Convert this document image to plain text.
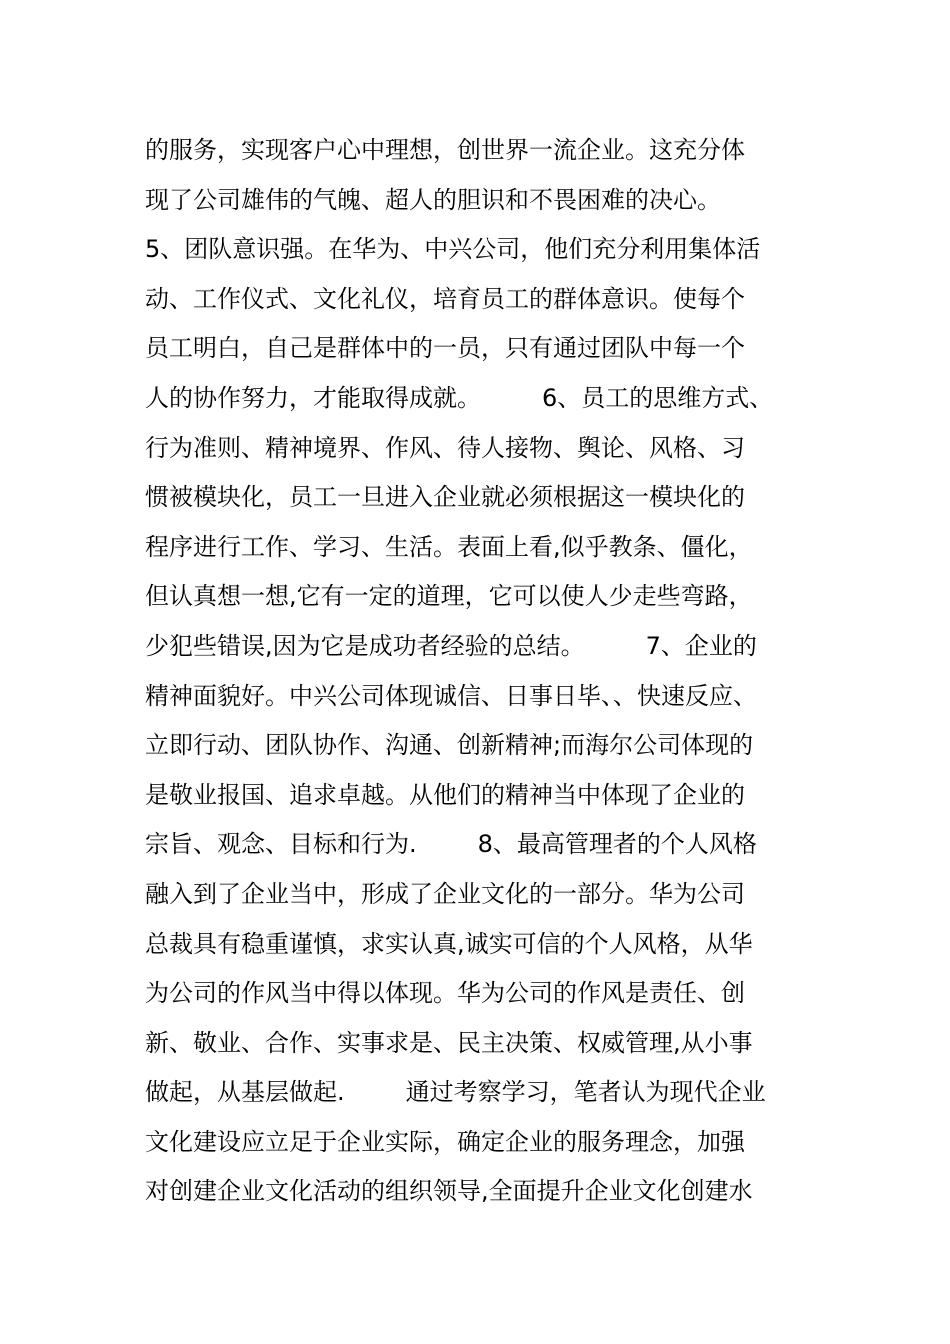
的服务，实现客户心中理想，创世界一流企业。这充分体
现了公司雄伟的气魄、超人的胆识和不畏困难的决心。
5、团队意识强。在华为、中兴公司，他们充分利用集体活
动、工作仪式、文化礼仪，培育员工的群体意识。使每个
员工明白，自己是群体中的一员，只有通过团队中每一个
人的协作努力，才能取得成就。        6、员工的思维方式、
行为准则、精神境界、作风、待人接物、舆论、风格、习
惯被模块化，员工一旦进入企业就必须根据这一模块化的
程序进行工作、学习、生活。表面上看,似乎教条、僵化，
但认真想一想,它有一定的道理，它可以使人少走些弯路，
少犯些错误,因为它是成功者经验的总结。        7、企业的
精神面貌好。中兴公司体现诚信、日事日毕、、快速反应、
立即行动、团队协作、沟通、创新精神;而海尔公司体现的
是敬业报国、追求卓越。从他们的精神当中体现了企业的
宗旨、观念、目标和行为.        8、最高管理者的个人风格
融入到了企业当中，形成了企业文化的一部分。华为公司
总裁具有稳重谨慎，求实认真,诚实可信的个人风格，从华
为公司的作风当中得以体现。华为公司的作风是责任、创
新、敬业、合作、实事求是、民主决策、权威管理,从小事
做起，从基层做起.        通过考察学习，笔者认为现代企业
文化建设应立足于企业实际，确定企业的服务理念，加强
对创建企业文化活动的组织领导,全面提升企业文化创建水
